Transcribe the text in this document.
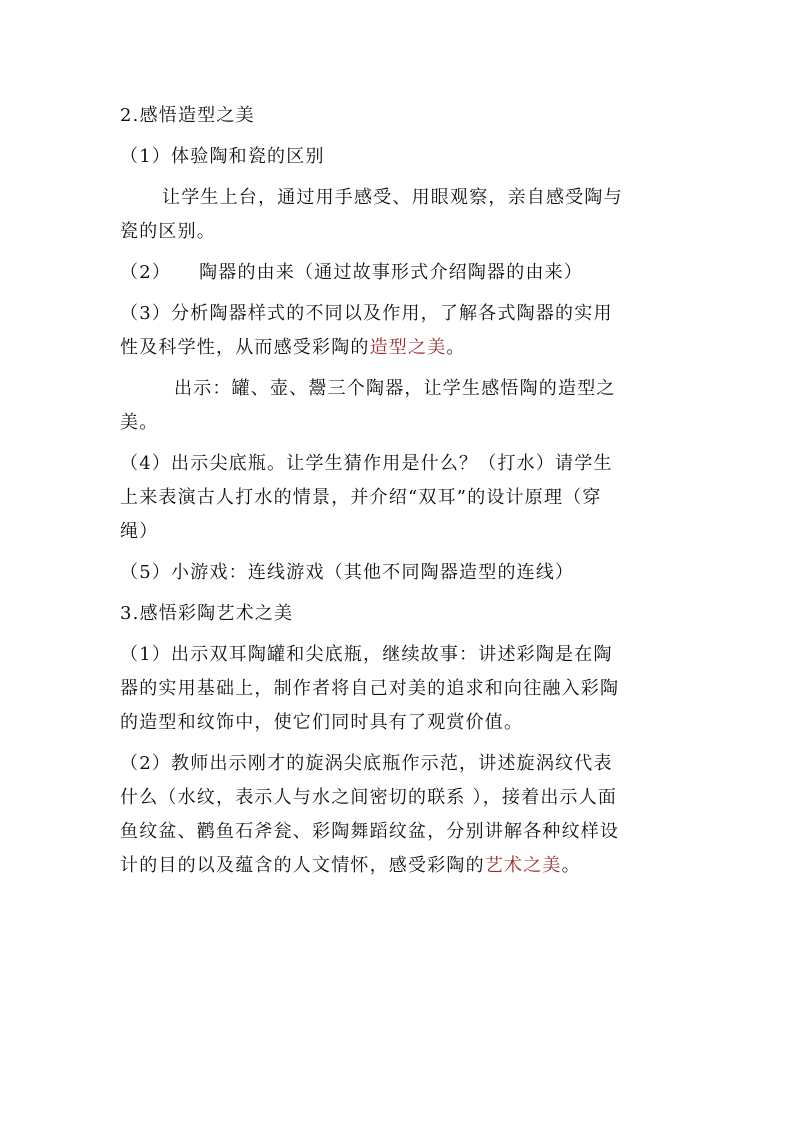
2.感悟造型之美
（1）体验陶和瓷的区别
让学生上台，通过用手感受、用眼观察，亲自感受陶与
瓷的区别。
（2） 陶器的由来（通过故事形式介绍陶器的由来）
（3）分析陶器样式的不同以及作用，了解各式陶器的实用
性及科学性，从而感受彩陶的造型之美。
出示：罐、壶、鬶三个陶器，让学生感悟陶的造型之
美。
（4）出示尖底瓶。让学生猜作用是什么？（打水）请学生
上来表演古人打水的情景，并介绍“双耳”的设计原理（穿
绳）
（5）小游戏：连线游戏（其他不同陶器造型的连线）
3.感悟彩陶艺术之美
（1）出示双耳陶罐和尖底瓶，继续故事：讲述彩陶是在陶
器的实用基础上，制作者将自己对美的追求和向往融入彩陶
的造型和纹饰中，使它们同时具有了观赏价值。
（2）教师出示刚才的旋涡尖底瓶作示范，讲述旋涡纹代表
什么（水纹，表示人与水之间密切的联系 ），接着出示人面
鱼纹盆、鹳鱼石斧瓮、彩陶舞蹈纹盆，分别讲解各种纹样设
计的目的以及蕴含的人文情怀，感受彩陶的艺术之美。
